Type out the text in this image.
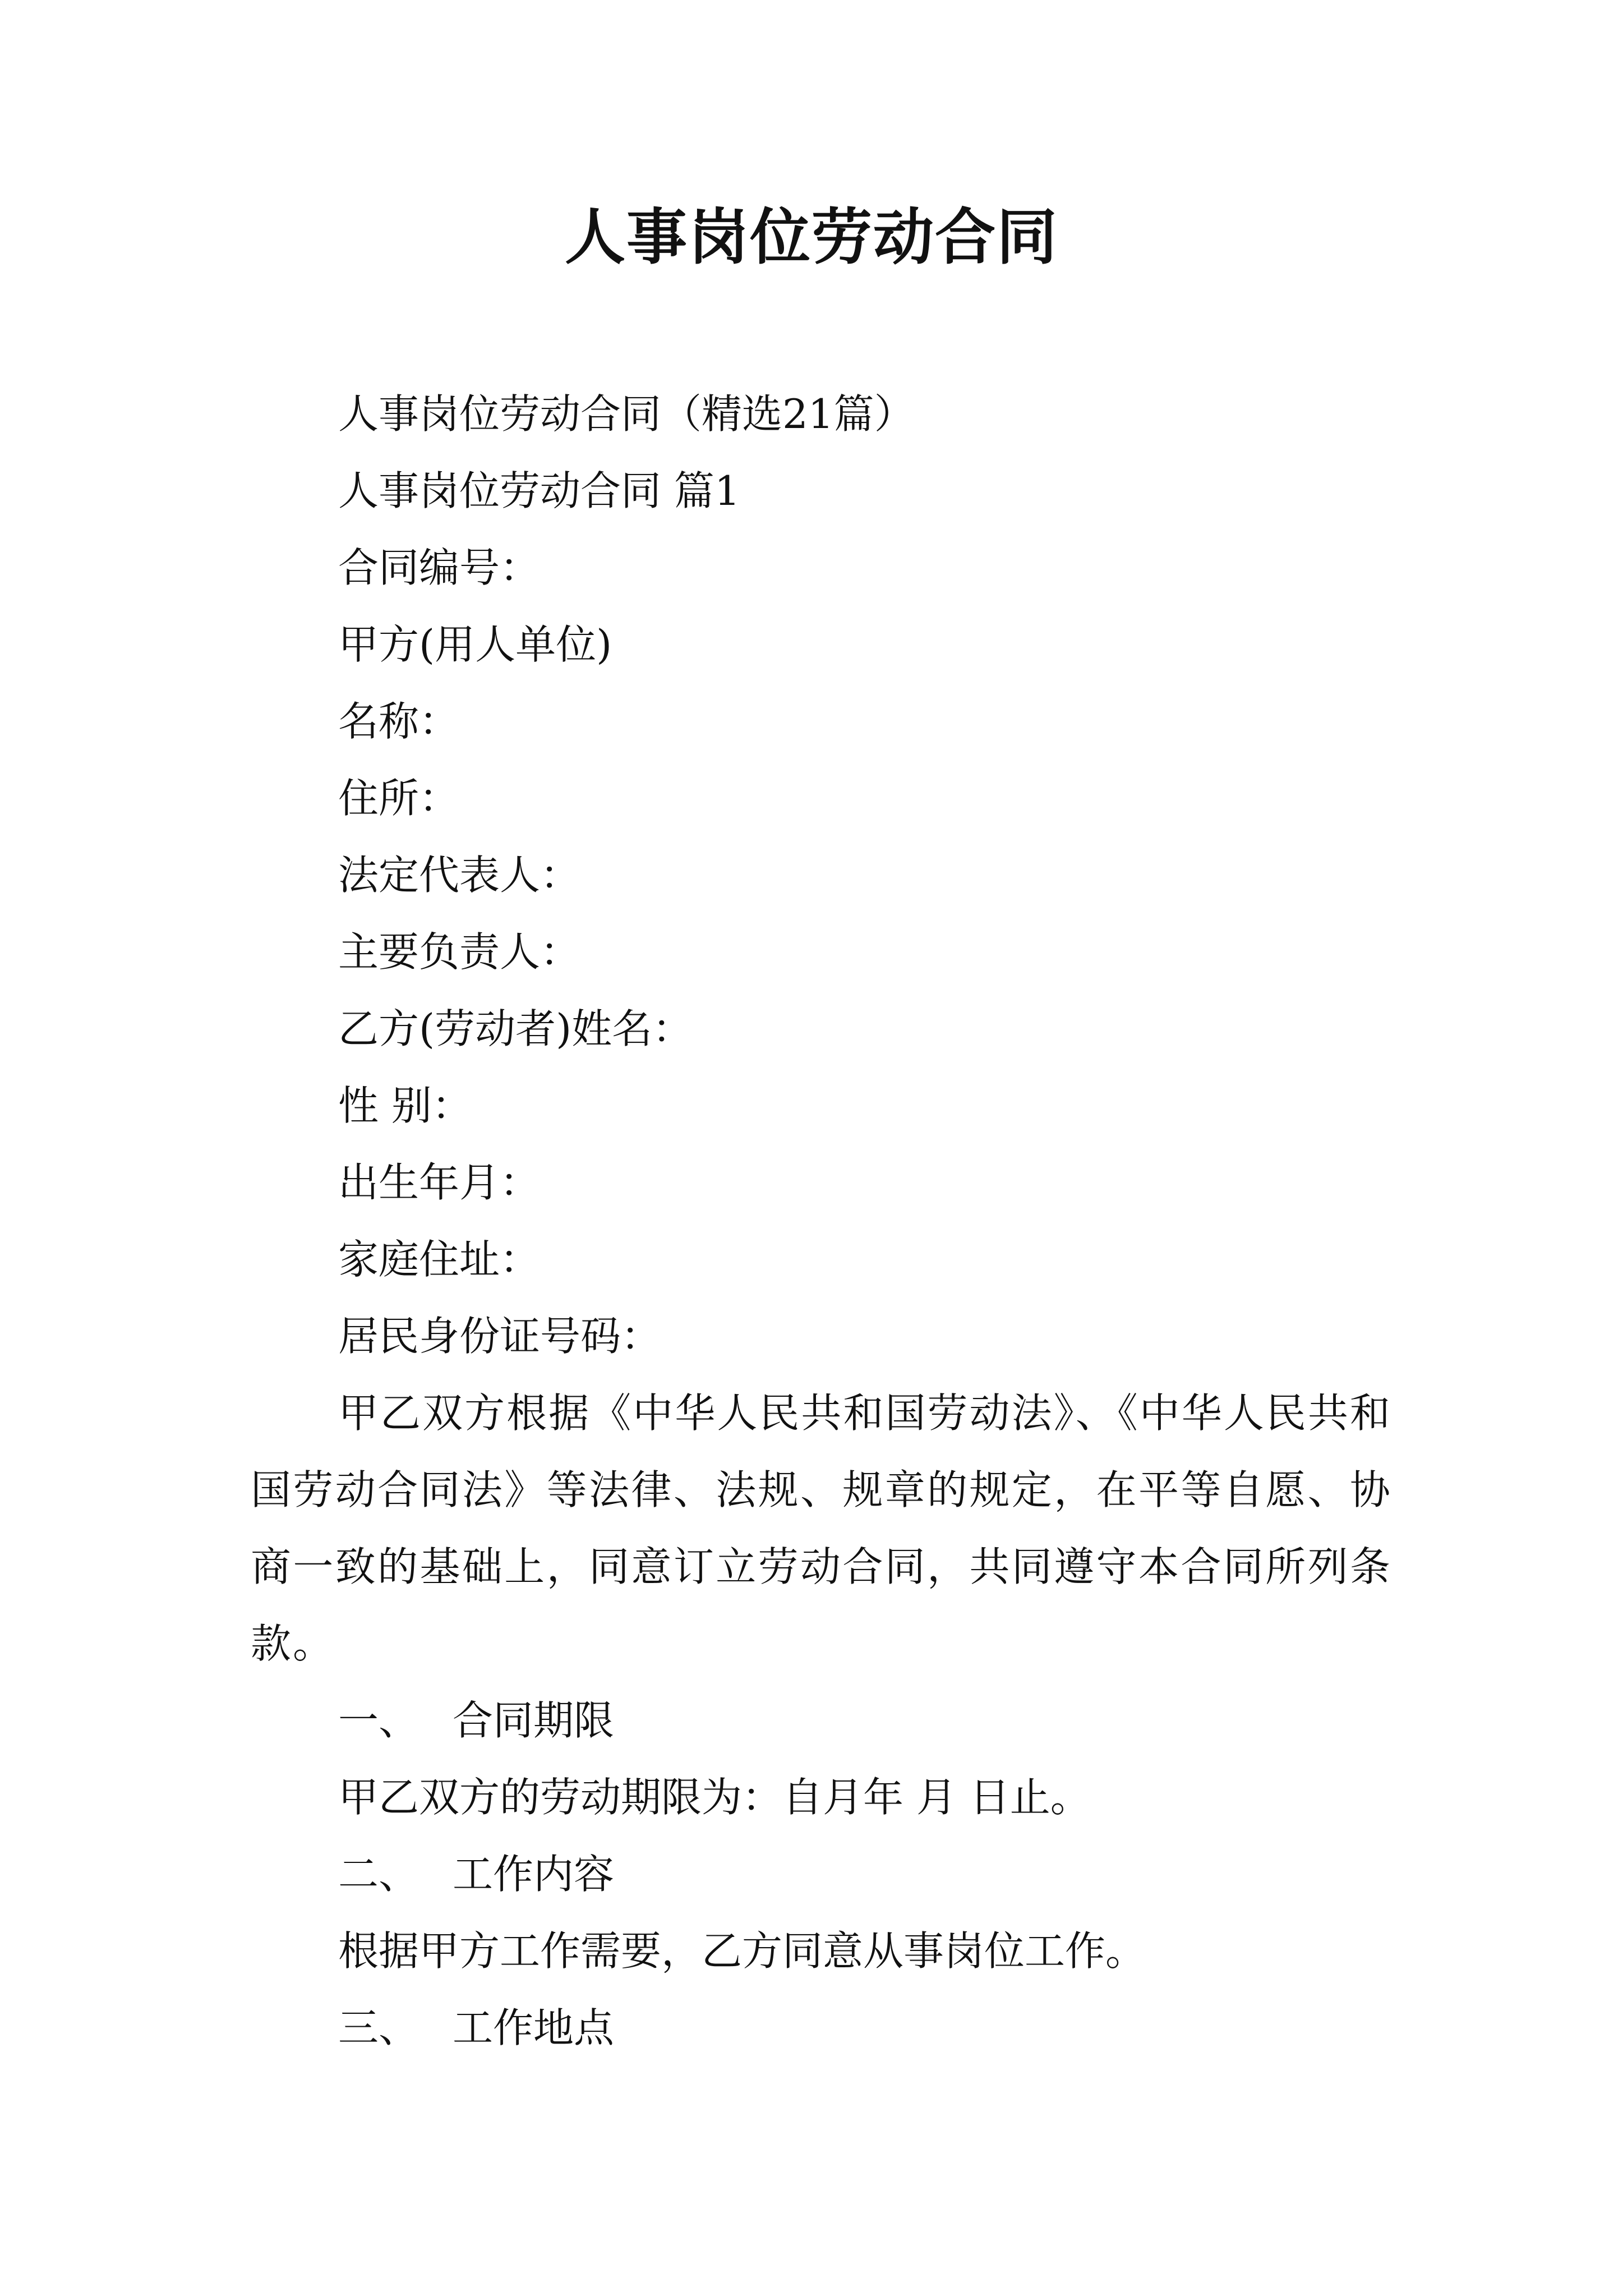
人事岗位劳动合同

人事岗位劳动合同（精选21篇）

人事岗位劳动合同 篇1

合同编号：

甲方(用人单位)

名称：

住所：

法定代表人：

主要负责人：

乙方(劳动者)姓名：

性 别：

出生年月：

家庭住址：

居民身份证号码：

甲乙双方根据《中华人民共和国劳动法》、《中华人民共和国劳动合同法》等法律、法规、规章的规定，在平等自愿、协商一致的基础上，同意订立劳动合同，共同遵守本合同所列条款。

一、 合同期限

甲乙双方的劳动期限为：自月年 月 日止。

二、 工作内容

根据甲方工作需要，乙方同意从事岗位工作。

三、 工作地点
